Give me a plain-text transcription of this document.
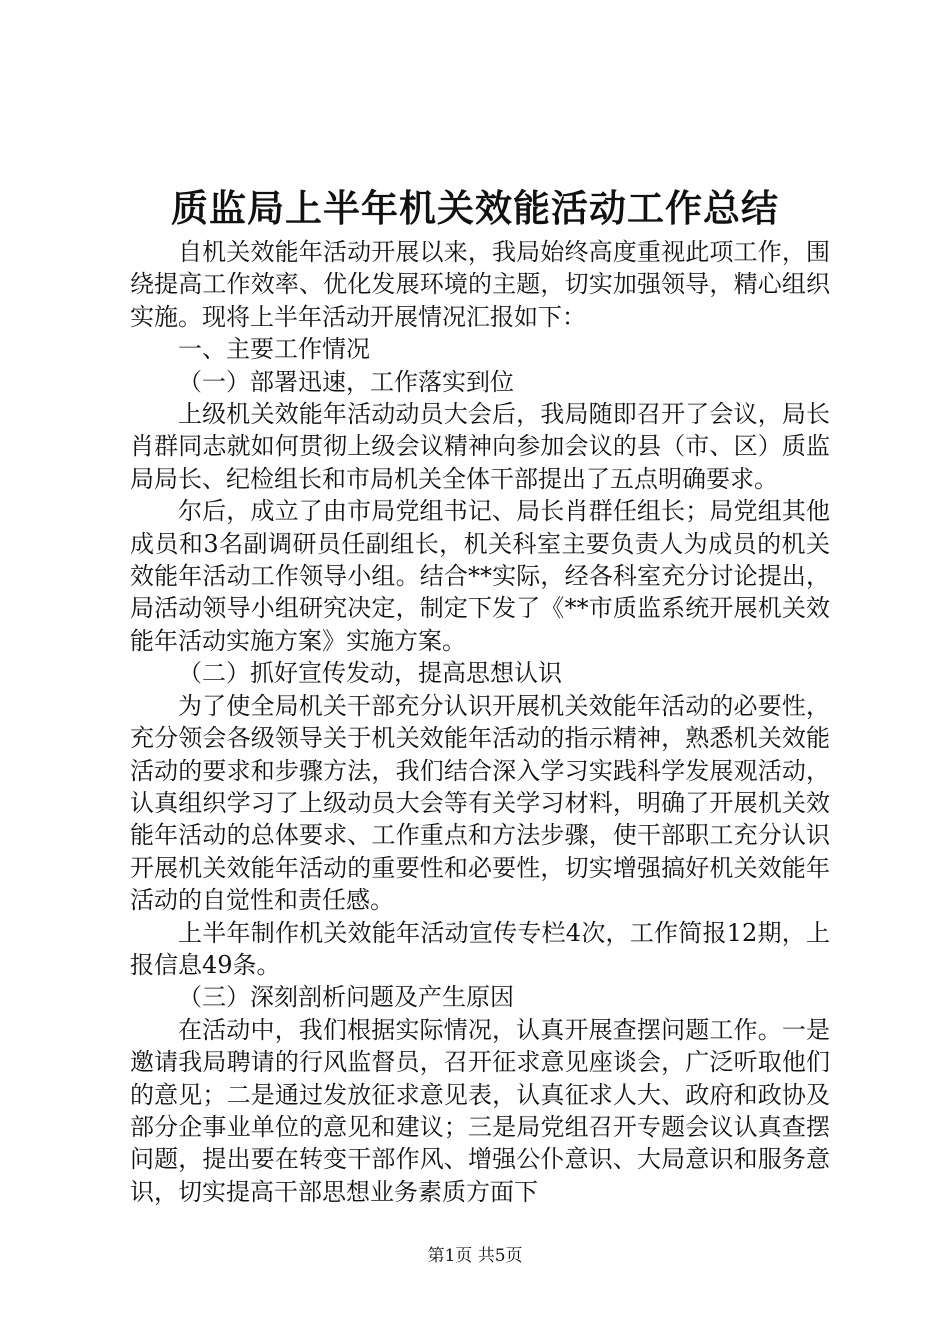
质监局上半年机关效能活动工作总结

自机关效能年活动开展以来，我局始终高度重视此项工作，围绕提高工作效率、优化发展环境的主题，切实加强领导，精心组织实施。现将上半年活动开展情况汇报如下：

一、主要工作情况

（一）部署迅速，工作落实到位

上级机关效能年活动动员大会后，我局随即召开了会议，局长肖群同志就如何贯彻上级会议精神向参加会议的县（市、区）质监局局长、纪检组长和市局机关全体干部提出了五点明确要求。

尔后，成立了由市局党组书记、局长肖群任组长；局党组其他成员和3名副调研员任副组长，机关科室主要负责人为成员的机关效能年活动工作领导小组。结合**实际，经各科室充分讨论提出，局活动领导小组研究决定，制定下发了《**市质监系统开展机关效能年活动实施方案》实施方案。

（二）抓好宣传发动，提高思想认识

为了使全局机关干部充分认识开展机关效能年活动的必要性，充分领会各级领导关于机关效能年活动的指示精神，熟悉机关效能活动的要求和步骤方法，我们结合深入学习实践科学发展观活动，认真组织学习了上级动员大会等有关学习材料，明确了开展机关效能年活动的总体要求、工作重点和方法步骤，使干部职工充分认识开展机关效能年活动的重要性和必要性，切实增强搞好机关效能年活动的自觉性和责任感。

上半年制作机关效能年活动宣传专栏4次，工作简报12期，上报信息49条。

（三）深刻剖析问题及产生原因

在活动中，我们根据实际情况，认真开展查摆问题工作。一是邀请我局聘请的行风监督员，召开征求意见座谈会，广泛听取他们的意见；二是通过发放征求意见表，认真征求人大、政府和政协及部分企事业单位的意见和建议；三是局党组召开专题会议认真查摆问题，提出要在转变干部作风、增强公仆意识、大局意识和服务意识，切实提高干部思想业务素质方面下

第1页 共5页
